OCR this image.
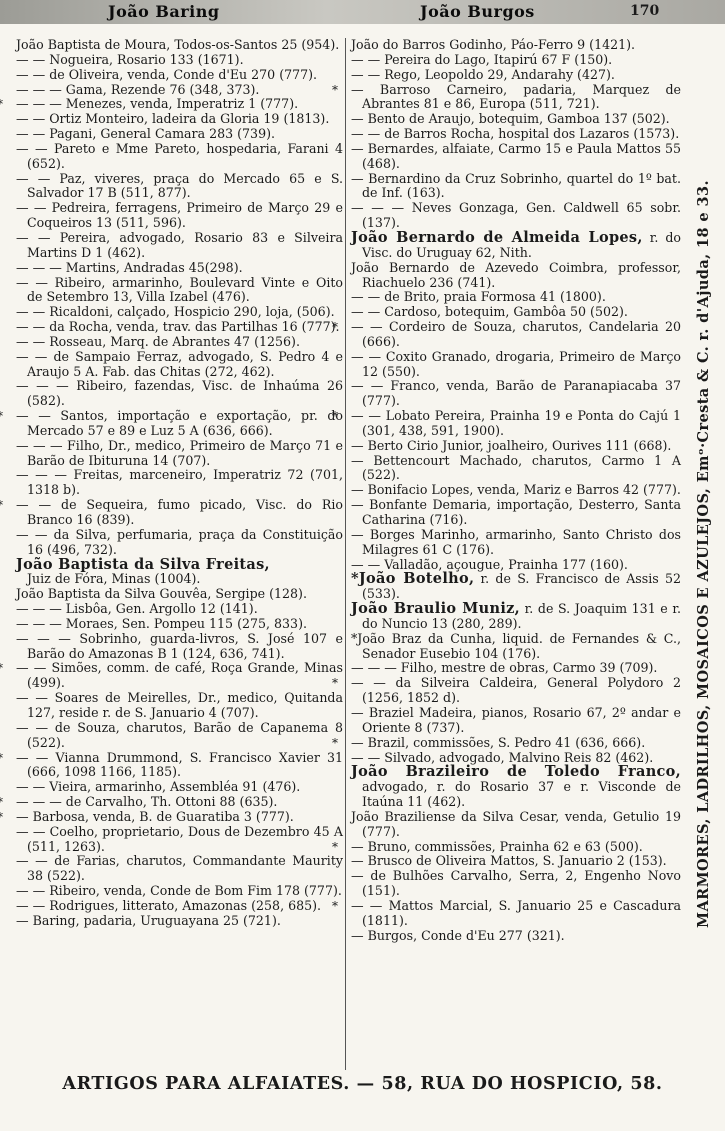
João Baring	João Burgos	170
João Baptista de Moura, Todos-os-Santos 25 (954).
— — Nogueira, Rosario 133 (1671).
— — de Oliveira, venda, Conde d'Eu 270 (777).
— — — Gama, Rezende 76 (348, 373).
* — — — Menezes, venda, Imperatriz 1 (777).
— — Ortiz Monteiro, ladeira da Gloria 19 (1813).
— — Pagani, General Camara 283 (739).
— — Pareto e Mme Pareto, hospedaria, Farani 4 (652).
— — Paz, viveres, praça do Mercado 65 e S. Salvador 17 B (511, 877).
— — Pedreira, ferragens, Primeiro de Março 29 e Coqueiros 13 (511, 596).
— — Pereira, advogado, Rosario 83 e Silveira Martins D 1 (462).
— — — Martins, Andradas 45(298).
— — Ribeiro, armarinho, Boulevard Vinte e Oito de Setembro 13, Villa Izabel (476).
— — Ricaldoni, calçado, Hospicio 290, loja, (506).
— — da Rocha, venda, trav. das Partilhas 16 (777).
— — Rosseau, Marq. de Abrantes 47 (1256).
— — de Sampaio Ferraz, advogado, S. Pedro 4 e Araujo 5 A. Fab. das Chitas (272, 462).
— — — Ribeiro, fazendas, Visc. de Inhaúma 26 (582).
* — — Santos, importação e exportação, pr. do Mercado 57 e 89 e Luz 5 A (636, 666).
— — — Filho, Dr., medico, Primeiro de Março 71 e Barão de Ibituruna 14 (707).
— — — Freitas, marceneiro, Imperatriz 72 (701, 1318 b).
* — — de Sequeira, fumo picado, Visc. do Rio Branco 16 (839).
— — da Silva, perfumaria, praça da Constituição 16 (496, 732).
João Baptista da Silva Freitas,
Juiz de Fóra, Minas (1004).
João Baptista da Silva Gouvêa, Sergipe (128).
— — — Lisbôa, Gen. Argollo 12 (141).
— — — Moraes, Sen. Pompeu 115 (275, 833).
— — — Sobrinho, guarda-livros, S. José 107 e Barão do Amazonas B 1 (124, 636, 741).
* — — Simões, comm. de café, Roça Grande, Minas (499).
— — Soares de Meirelles, Dr., medico, Quitanda 127, reside r. de S. Januario 4 (707).
— — de Souza, charutos, Barão de Capanema 8 (522).
* — — Vianna Drummond, S. Francisco Xavier 31 (666, 1098 1166, 1185).
— — Vieira, armarinho, Assembléa 91 (476).
* — — — de Carvalho, Th. Ottoni 88 (635).
* — Barbosa, venda, B. de Guaratiba 3 (777).
— — Coelho, proprietario, Dous de Dezembro 45 A (511, 1263).
— — de Farias, charutos, Commandante Maurity 38 (522).
— — Ribeiro, venda, Conde de Bom Fim 178 (777).
— — Rodrigues, litterato, Amazonas (258, 685).
— Baring, padaria, Uruguayana 25 (721).
João do Barros Godinho, Páo-Ferro 9 (1421).
— — Pereira do Lago, Itapirú 67 F (150).
— — Rego, Leopoldo 29, Andarahy (427).
* — Barroso Carneiro, padaria, Marquez de Abrantes 81 e 86, Europa (511, 721).
— Bento de Araujo, botequim, Gamboa 137 (502).
— — de Barros Rocha, hospital dos Lazaros (1573).
— Bernardes, alfaiate, Carmo 15 e Paula Mattos 55 (468).
— Bernardino da Cruz Sobrinho, quartel do 1º bat. de Inf. (163).
— — — Neves Gonzaga, Gen. Caldwell 65 sobr. (137).
João Bernardo de Almeida Lopes, r. do Visc. do Uruguay 62, Nith.
João Bernardo de Azevedo Coimbra, professor, Riachuelo 236 (741).
— — de Brito, praia Formosa 41 (1800).
— — Cardoso, botequim, Gambôa 50 (502).
* — — Cordeiro de Souza, charutos, Candelaria 20 (666).
— — Coxito Granado, drogaria, Primeiro de Março 12 (550).
— — Franco, venda, Barão de Paranapiacaba 37 (777).
* — — Lobato Pereira, Prainha 19 e Ponta do Cajú 1 (301, 438, 591, 1900).
— Berto Cirio Junior, joalheiro, Ourives 111 (668).
— Bettencourt Machado, charutos, Carmo 1 A (522).
— Bonifacio Lopes, venda, Mariz e Barros 42 (777).
— Bonfante Demaria, importação, Desterro, Santa Catharina (716).
— Borges Marinho, armarinho, Santo Christo dos Milagres 61 C (176).
— — Valladão, açougue, Prainha 177 (160).
*João Botelho, r. de S. Francisco de Assis 52 (533).
João Braulio Muniz, r. de S. Joaquim 131 e r. do Nuncio 13 (280, 289).
*João Braz da Cunha, liquid. de Fernandes & C., Senador Eusebio 104 (176).
— — — Filho, mestre de obras, Carmo 39 (709).
* — — da Silveira Caldeira, General Polydoro 2 (1256, 1852 d).
— Braziel Madeira, pianos, Rosario 67, 2º andar e Oriente 8 (737).
* — Brazil, commissões, S. Pedro 41 (636, 666).
— — Silvado, advogado, Malvino Reis 82 (462).
João Brazileiro de Toledo Franco, advogado, r. do Rosario 37 e r. Visconde de Itaúna 11 (462).
João Braziliense da Silva Cesar, venda, Getulio 19 (777).
* — Bruno, commissões, Prainha 62 e 63 (500).
— Brusco de Oliveira Mattos, S. Januario 2 (153).
— de Bulhões Carvalho, Serra, 2, Engenho Novo (151).
* — — Mattos Marcial, S. Januario 25 e Cascadura (1811).
— Burgos, Conde d'Eu 277 (321).
MARMORES, LADRILHOS, MOSAICOS E AZULEJOS, Emᵒ·Cresta & C. r. d'Ajuda, 18 e 33.
ARTIGOS PARA ALFAIATES. — 58, RUA DO HOSPICIO, 58.
